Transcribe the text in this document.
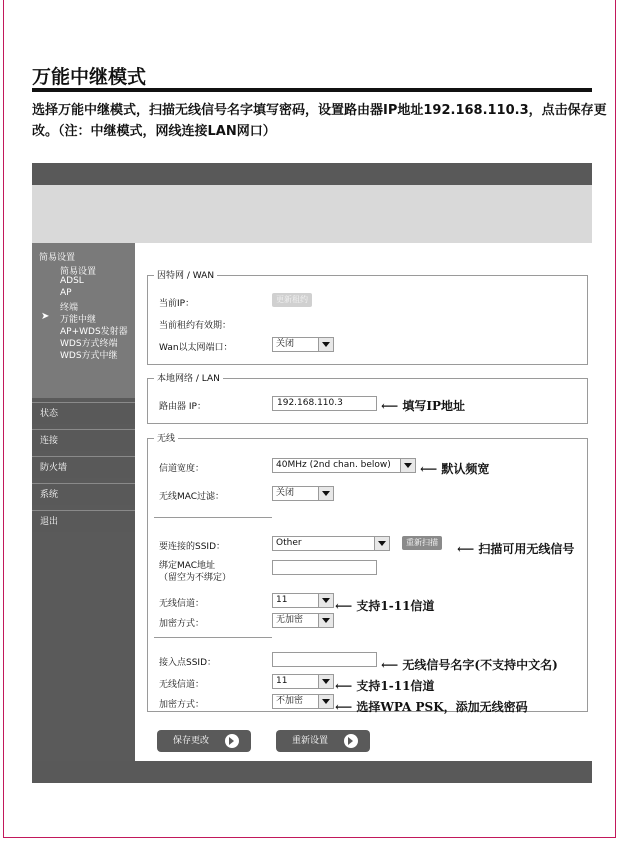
万能中继模式
选择万能中继模式，扫描无线信号名字填写密码，设置路由器IP地址192.168.110.3，点击保存更改。（注：中继模式，网线连接LAN网口）
简易设置
简易设置
ADSL
AP
终端
➤ 万能中继
AP+WDS发射器
WDS方式终端
WDS方式中继
状态
连接
防火墙
系统
退出
因特网 / WAN
当前IP：	更新租约
当前租约有效期：
Wan以太网端口：	关闭
本地网络 / LAN
路由器 IP：	192.168.110.3
无线
信道宽度：	40MHz (2nd chan. below)
无线MAC过滤：	关闭
要连接的SSID：	Other	重新扫描
绑定MAC地址
（留空为不绑定）
无线信道：	11
加密方式：	无加密
接入点SSID：
无线信道：	11
加密方式：	不加密
保存更改	重新设置
⟵ 填写IP地址
⟵ 默认频宽
⟵ 扫描可用无线信号
⟵ 支持1-11信道
⟵ 无线信号名字(不支持中文名)
⟵ 支持1-11信道
⟵ 选择WPA PSK，添加无线密码
